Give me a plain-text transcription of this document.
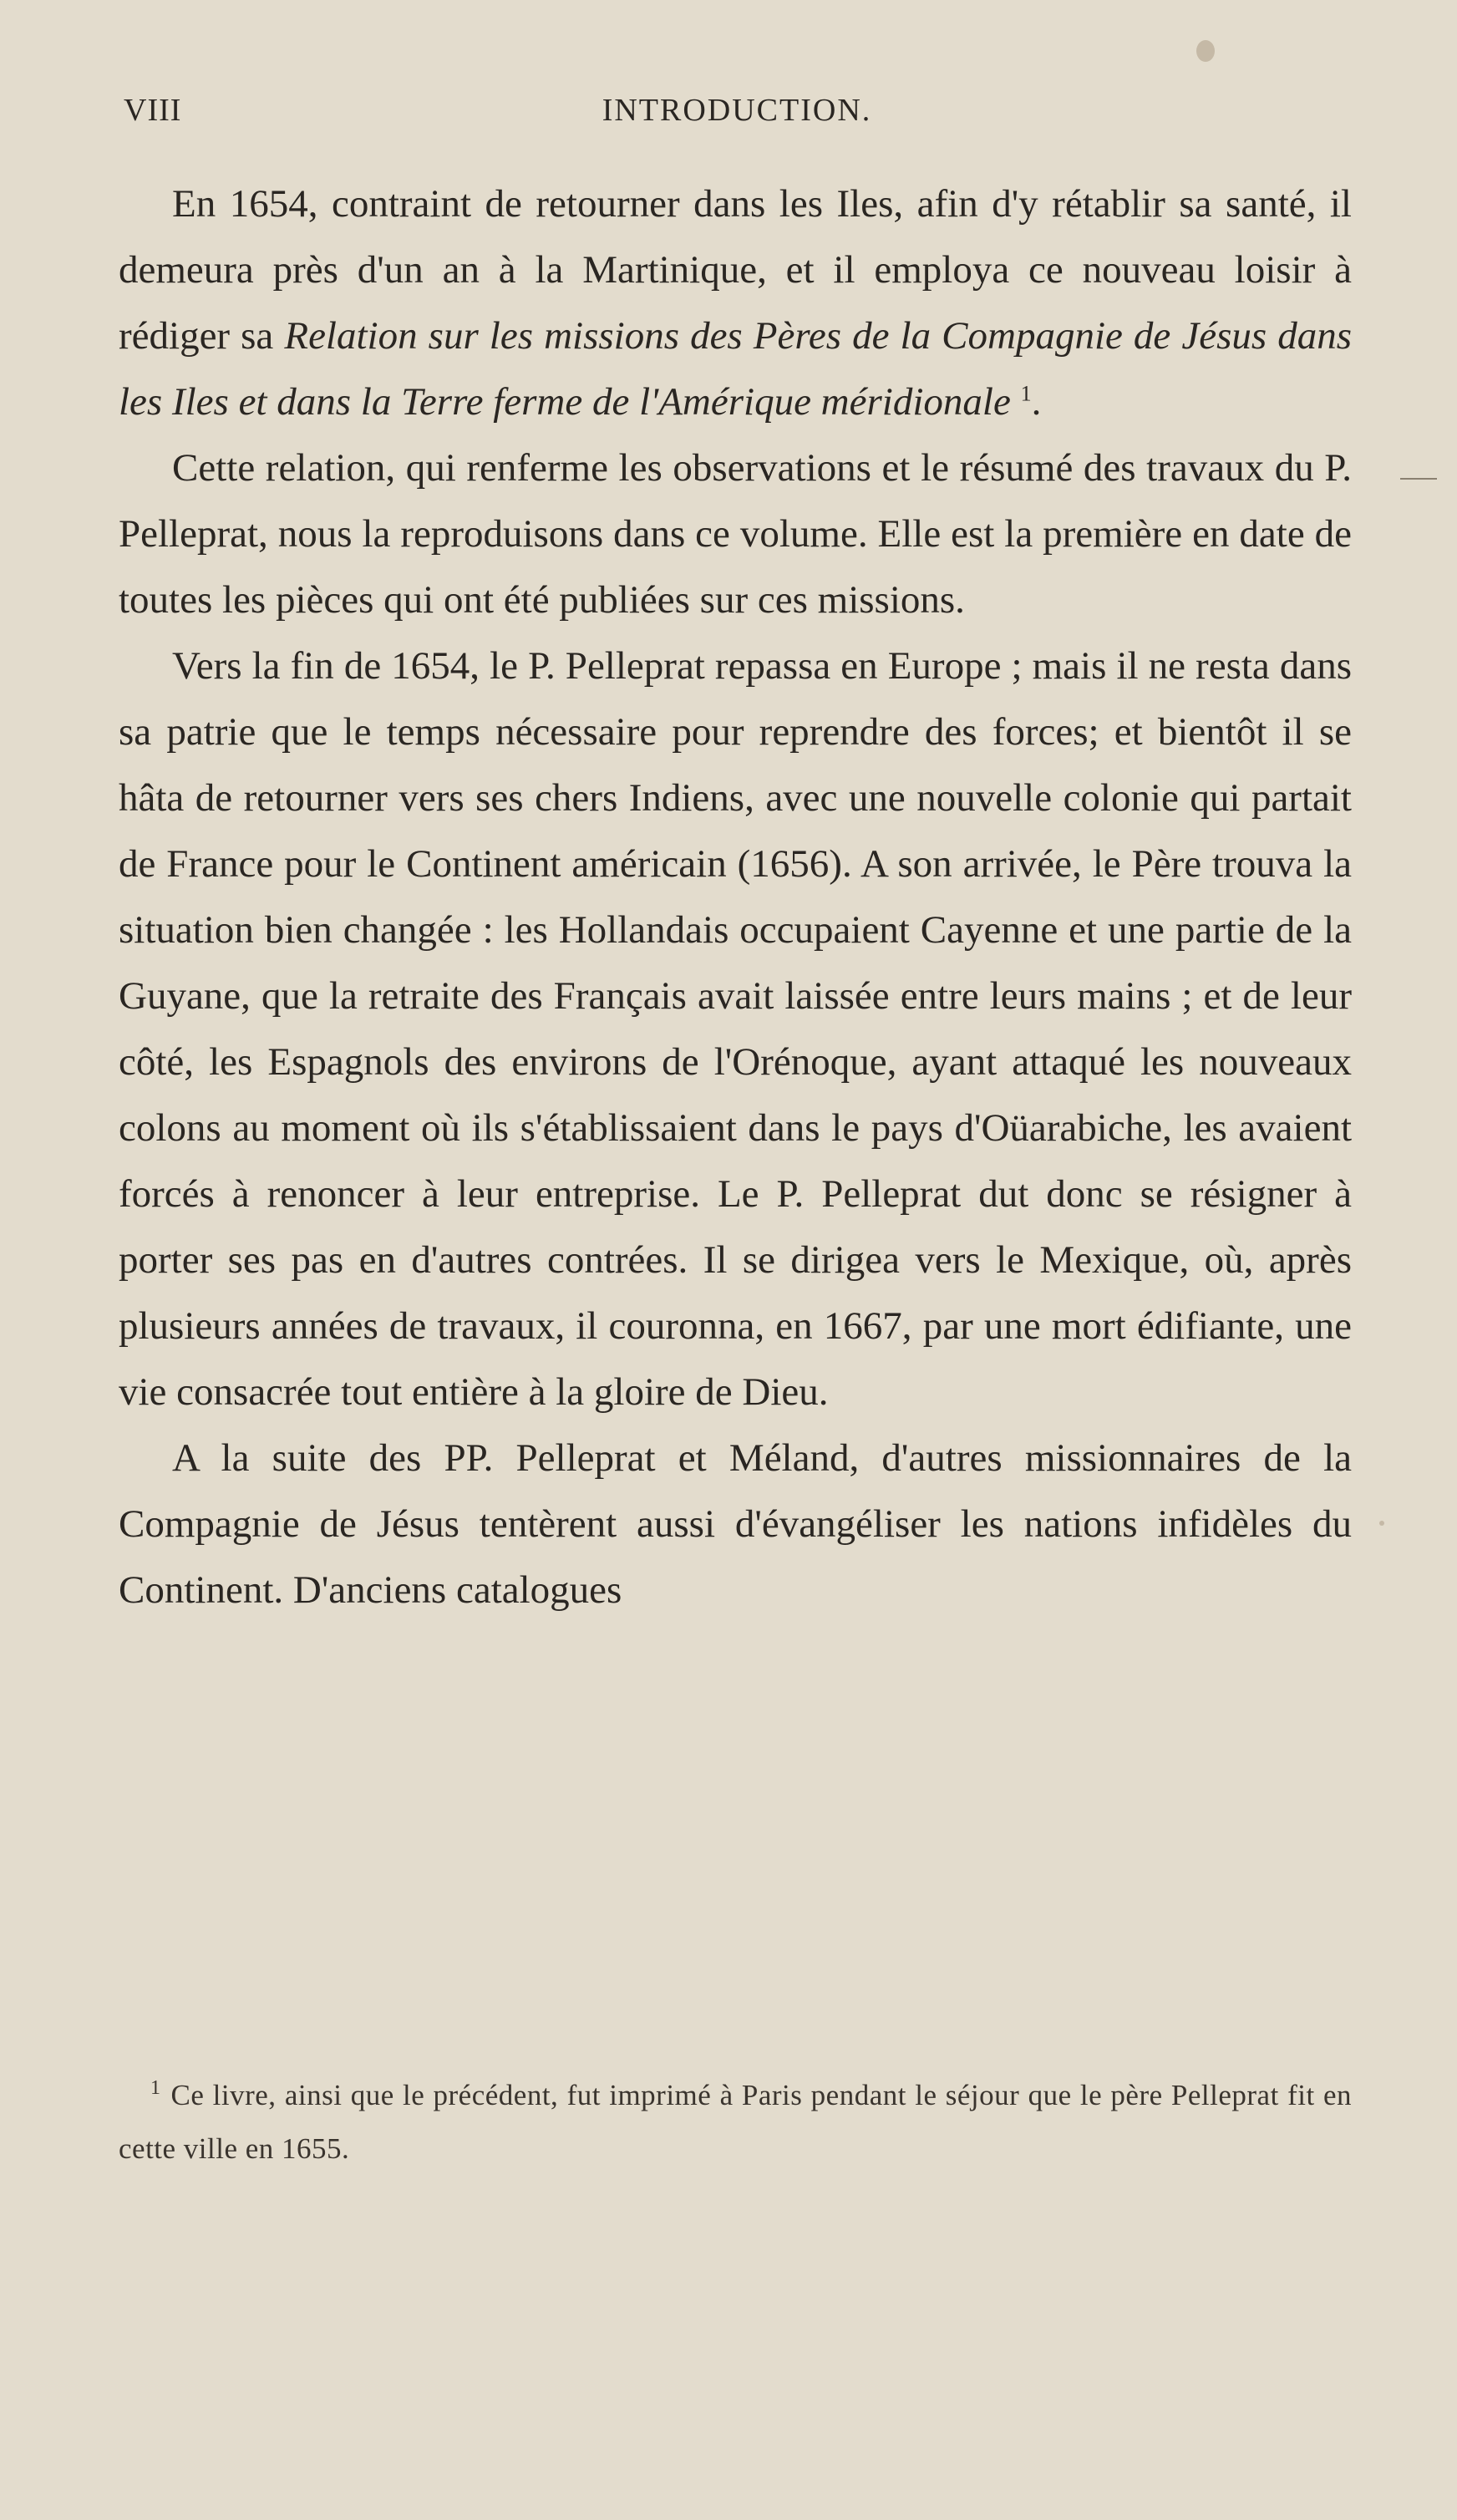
VIII	INTRODUCTION.

En 1654, contraint de retourner dans les Iles, afin d'y rétablir sa santé, il demeura près d'un an à la Martinique, et il employa ce nouveau loisir à rédiger sa Relation sur les missions des Pères de la Compagnie de Jésus dans les Iles et dans la Terre ferme de l'Amérique méridionale $^1$.

Cette relation, qui renferme les observations et le résumé des travaux du P. Pelleprat, nous la reproduisons dans ce volume. Elle est la première en date de toutes les pièces qui ont été publiées sur ces missions.

Vers la fin de 1654, le P. Pelleprat repassa en Europe ; mais il ne resta dans sa patrie que le temps nécessaire pour reprendre des forces; et bientôt il se hâta de retourner vers ses chers Indiens, avec une nouvelle colonie qui partait de France pour le Continent américain (1656). A son arrivée, le Père trouva la situation bien changée : les Hollandais occupaient Cayenne et une partie de la Guyane, que la retraite des Français avait laissée entre leurs mains ; et de leur côté, les Espagnols des environs de l'Orénoque, ayant attaqué les nouveaux colons au moment où ils s'établissaient dans le pays d'Oüarabiche, les avaient forcés à renoncer à leur entreprise. Le P. Pelleprat dut donc se résigner à porter ses pas en d'autres contrées. Il se dirigea vers le Mexique, où, après plusieurs années de travaux, il couronna, en 1667, par une mort édifiante, une vie consacrée tout entière à la gloire de Dieu.

A la suite des PP. Pelleprat et Méland, d'autres missionnaires de la Compagnie de Jésus tentèrent aussi d'évangéliser les nations infidèles du Continent. D'anciens catalogues

$^1$ Ce livre, ainsi que le précédent, fut imprimé à Paris pendant le séjour que le père Pelleprat fit en cette ville en 1655.
